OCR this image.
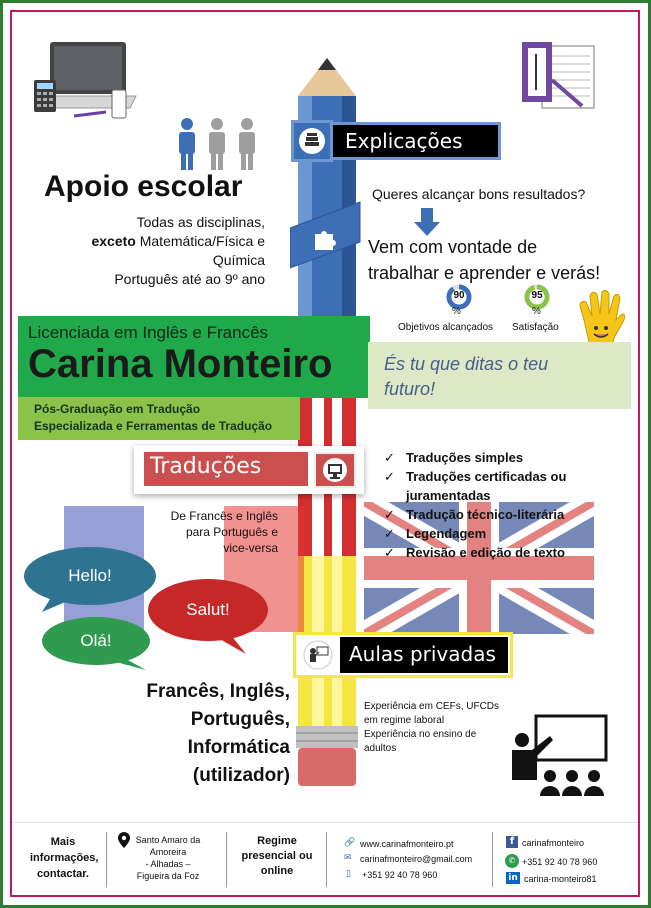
Explicações
Apoio escolar
Todas as disciplinas,
exceto Matemática/Física e
Química
Português até ao 9º ano
Queres alcançar bons resultados?
Vem com vontade de
trabalhar e aprender e verás!
90
%
Objetivos alcançados
95
%
Satisfação
Licenciada em Inglês e Francês
Carina Monteiro
Pós-Graduação em Tradução
Especializada e Ferramentas de Tradução
És tu que ditas o teu futuro!
Traduções
De Francês e Inglês
para Português e
vice-versa
✓ Traduções simples
✓ Traduções certificadas ou juramentadas
✓ Tradução técnico-literária
✓ Legendagem
✓ Revisão e edição de texto
Hello!
Salut!
Olá!
Aulas privadas
Francês, Inglês,
Português,
Informática
(utilizador)
Experiência em CEFs, UFCDs
em regime laboral
Experiência no ensino de
adultos
Mais
informações,
contactar.
Santo Amaro da
Amoreira
- Alhadas –
Figueira da Foz
Regime
presencial ou
online
🔗 www.carinafmonteiro.pt
✉ carinafmonteiro@gmail.com
▯ +351 92 40 78 960
f carinafmonteiro
✆ +351 92 40 78 960
in carina-monteiro81
